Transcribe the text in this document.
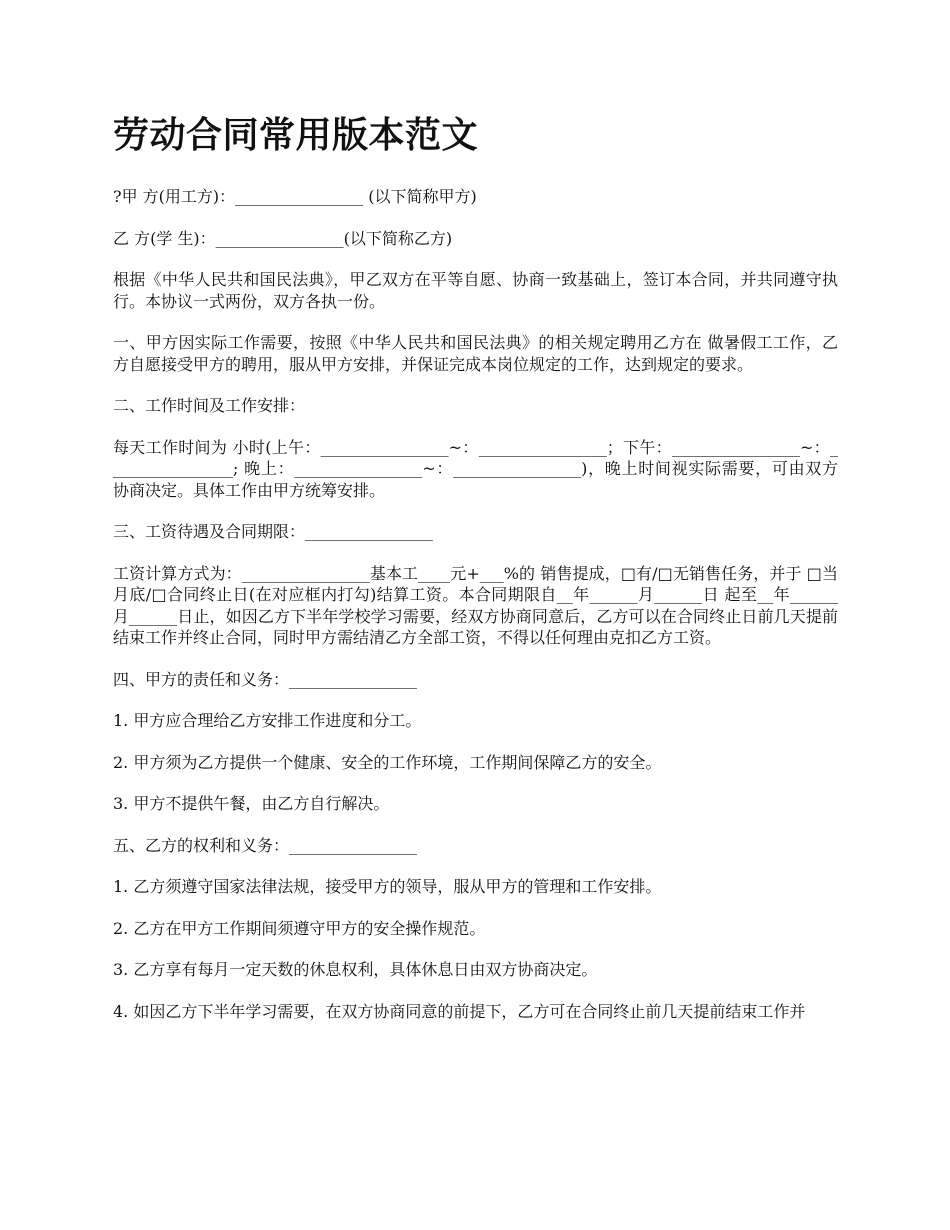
劳动合同常用版本范文

?甲 方(用工方)：________________ (以下简称甲方)

乙 方(学 生)：________________(以下简称乙方)

根据《中华人民共和国民法典》，甲乙双方在平等自愿、协商一致基础上，签订本合同，并共同遵守执行。本协议一式两份，双方各执一份。

一、甲方因实际工作需要，按照《中华人民共和国民法典》的相关规定聘用乙方在 做暑假工工作，乙方自愿接受甲方的聘用，服从甲方安排，并保证完成本岗位规定的工作，达到规定的要求。

二、工作时间及工作安排：

每天工作时间为 小时(上午：________________~：________________；下午：________________~：________________; 晚上：________________~：________________)，晚上时间视实际需要，可由双方协商决定。具体工作由甲方统筹安排。

三、工资待遇及合同期限：________________

工资计算方式为：________________基本工____元+___%的 销售提成，□有/□无销售任务，并于 □当月底/□合同终止日(在对应框内打勾)结算工资。本合同期限自__年______月______日 起至__年______月______日止，如因乙方下半年学校学习需要，经双方协商同意后，乙方可以在合同终止日前几天提前结束工作并终止合同，同时甲方需结清乙方全部工资，不得以任何理由克扣乙方工资。

四、甲方的责任和义务：________________

1. 甲方应合理给乙方安排工作进度和分工。

2. 甲方须为乙方提供一个健康、安全的工作环境，工作期间保障乙方的安全。

3. 甲方不提供午餐，由乙方自行解决。

五、乙方的权利和义务：________________

1. 乙方须遵守国家法律法规，接受甲方的领导，服从甲方的管理和工作安排。

2. 乙方在甲方工作期间须遵守甲方的安全操作规范。

3. 乙方享有每月一定天数的休息权利，具体休息日由双方协商决定。

4. 如因乙方下半年学习需要，在双方协商同意的前提下，乙方可在合同终止前几天提前结束工作并
